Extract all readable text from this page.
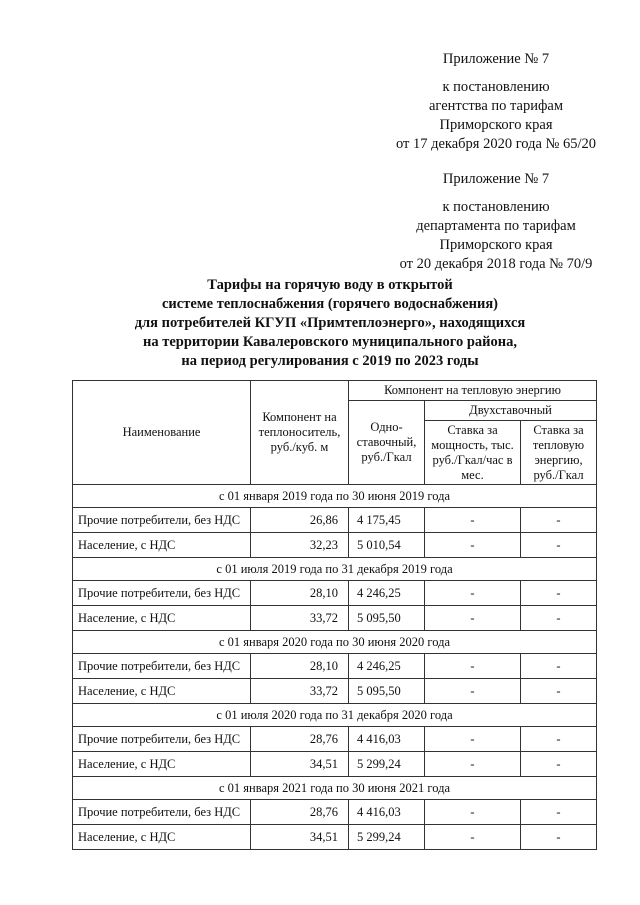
Приложение № 7
к постановлению
агентства по тарифам
Приморского края
от 17 декабря 2020 года № 65/20
Приложение № 7
к постановлению
департамента по тарифам
Приморского края
от 20 декабря 2018 года № 70/9
Тарифы на горячую воду в открытой
системе теплоснабжения (горячего водоснабжения)
для потребителей КГУП «Примтеплоэнерго», находящихся
на территории Кавалеровского муниципального района,
на период регулирования с 2019 по 2023 годы
Наименование	Компонент на теплоноситель, руб./куб. м	Компонент на тепловую энергию		
		Одно-ставочный, руб./Гкал	Двухставочный	
			Ставка за мощность, тыс. руб./Гкал/час в мес.	Ставка за тепловую энергию, руб./Гкал
с 01 января 2019 года по 30 июня 2019 года				
Прочие потребители, без НДС	26,86	4 175,45	-	-
Население, с НДС	32,23	5 010,54	-	-
с 01 июля 2019 года по 31 декабря 2019 года				
Прочие потребители, без НДС	28,10	4 246,25	-	-
Население, с НДС	33,72	5 095,50	-	-
с 01 января 2020 года по 30 июня 2020 года				
Прочие потребители, без НДС	28,10	4 246,25	-	-
Население, с НДС	33,72	5 095,50	-	-
с 01 июля 2020 года по 31 декабря 2020 года				
Прочие потребители, без НДС	28,76	4 416,03	-	-
Население, с НДС	34,51	5 299,24	-	-
с 01 января 2021 года по 30 июня 2021 года				
Прочие потребители, без НДС	28,76	4 416,03	-	-
Население, с НДС	34,51	5 299,24	-	-
